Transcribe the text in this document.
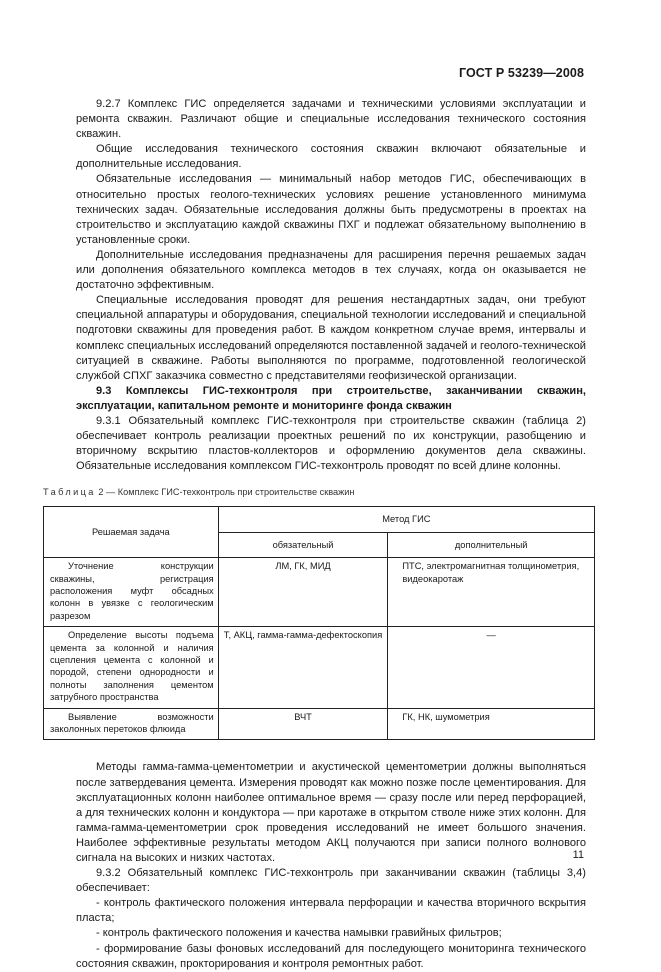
ГОСТ Р 53239—2008

9.2.7 Комплекс ГИС определяется задачами и техническими условиями эксплуатации и ремонта скважин. Различают общие и специальные исследования технического состояния скважин.

Общие исследования технического состояния скважин включают обязательные и дополнительные исследования.

Обязательные исследования — минимальный набор методов ГИС, обеспечивающих в относительно простых геолого-технических условиях решение установленного минимума технических задач. Обязательные исследования должны быть предусмотрены в проектах на строительство и эксплуатацию каждой скважины ПХГ и подлежат обязательному выполнению в установленные сроки.

Дополнительные исследования предназначены для расширения перечня решаемых задач или дополнения обязательного комплекса методов в тех случаях, когда он оказывается не достаточно эффективным.

Специальные исследования проводят для решения нестандартных задач, они требуют специальной аппаратуры и оборудования, специальной технологии исследований и специальной подготовки скважины для проведения работ. В каждом конкретном случае время, интервалы и комплекс специальных исследований определяются поставленной задачей и геолого-технической ситуацией в скважине. Работы выполняются по программе, подготовленной геологической службой СПХГ заказчика совместно с представителями геофизической организации.

9.3 Комплексы ГИС-техконтроля при строительстве, заканчивании скважин, эксплуатации, капитальном ремонте и мониторинге фонда скважин

9.3.1 Обязательный комплекс ГИС-техконтроля при строительстве скважин (таблица 2) обеспечивает контроль реализации проектных решений по их конструкции, разобщению и вторичному вскрытию пластов-коллекторов и оформлению документов дела скважины. Обязательные исследования комплексом ГИС-техконтроль проводят по всей длине колонны.

Таблица 2 — Комплекс ГИС-техконтроль при строительстве скважин
Решаемая задача	Метод ГИС	
	обязательный	дополнительный
Уточнение конструкции скважины, регистрация расположения муфт обсадных колонн в увязке с геологическим разрезом	ЛМ, ГК, МИД	ПТС, электромагнитная толщинометрия, видеокаротаж
Определение высоты подъема цемента за колонной и наличия сцепления цемента с колонной и породой, степени однородности и полноты заполнения цементом затрубного пространства	Т, АКЦ, гамма-гамма-дефектоскопия	—
Выявление возможности заколонных перетоков флюида	ВЧТ	ГК, НК, шумометрия

Методы гамма-гамма-цементометрии и акустической цементометрии должны выполняться после затвердевания цемента. Измерения проводят как можно позже после цементирования. Для эксплуатационных колонн наиболее оптимальное время — сразу после или перед перфорацией, а для технических колонн и кондуктора — при каротаже в открытом стволе ниже этих колонн. Для гамма-гамма-цементометрии срок проведения исследований не имеет большого значения. Наиболее эффективные результаты методом АКЦ получаются при записи полного волнового сигнала на высоких и низких частотах.

9.3.2 Обязательный комплекс ГИС-техконтроль при заканчивании скважин (таблицы 3,4) обеспечивает:

- контроль фактического положения интервала перфорации и качества вторичного вскрытия пласта;

- контроль фактического положения и качества намывки гравийных фильтров;

- формирование базы фоновых исследований для последующего мониторинга технического состояния скважин, прокторирования и контроля ремонтных работ.

11
